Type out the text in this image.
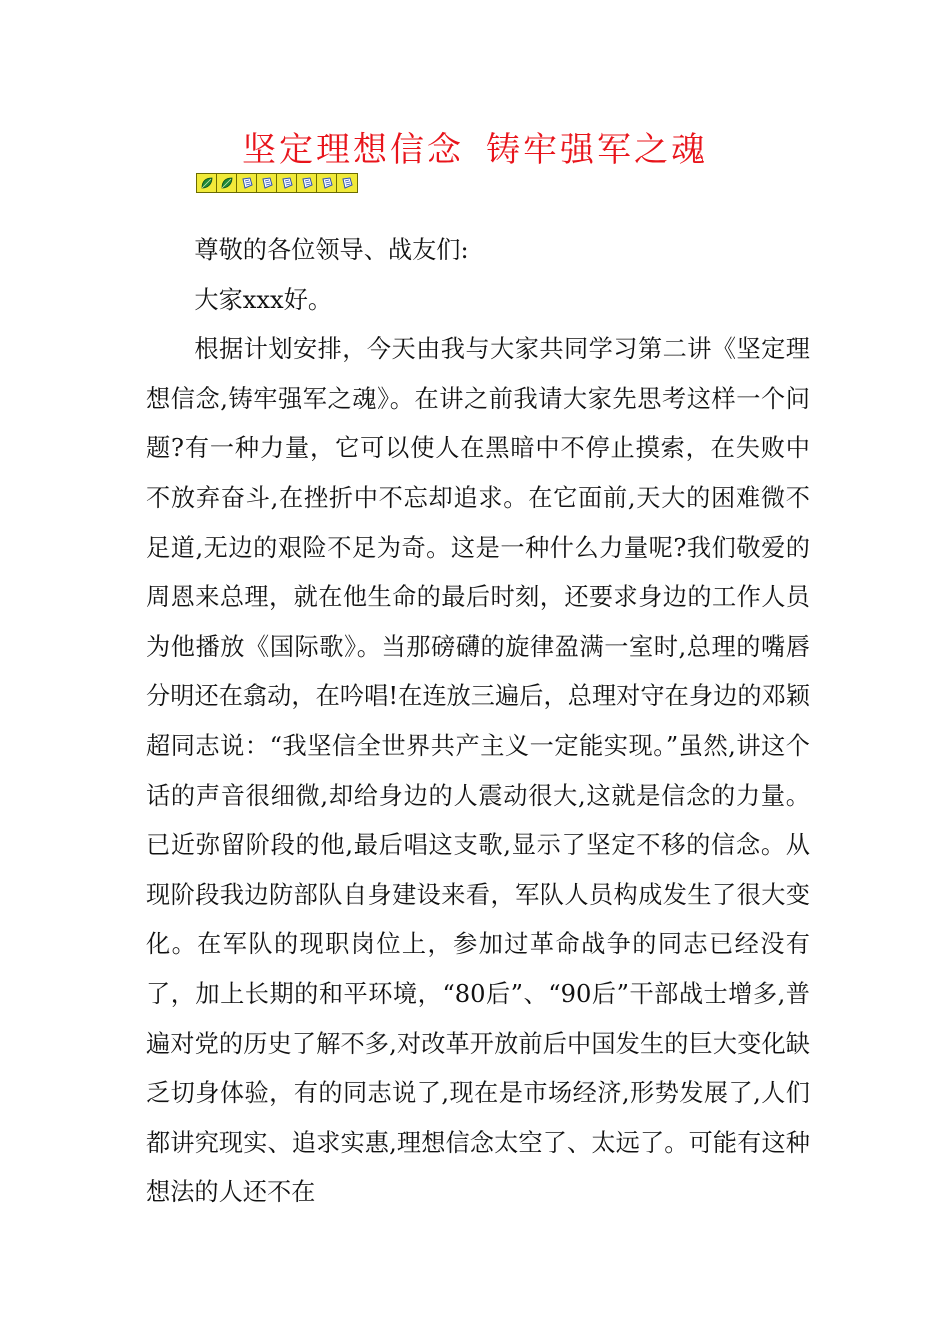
坚定理想信念 铸牢强军之魂

尊敬的各位领导、战友们:

大家xxx好。

根据计划安排，今天由我与大家共同学习第二讲《坚定理想信念,铸牢强军之魂》。在讲之前我请大家先思考这样一个问题?有一种力量，它可以使人在黑暗中不停止摸索，在失败中不放弃奋斗,在挫折中不忘却追求。在它面前,天大的困难微不足道,无边的艰险不足为奇。这是一种什么力量呢?我们敬爱的周恩来总理，就在他生命的最后时刻，还要求身边的工作人员为他播放《国际歌》。当那磅礴的旋律盈满一室时,总理的嘴唇分明还在翕动，在吟唱!在连放三遍后，总理对守在身边的邓颖超同志说：“我坚信全世界共产主义一定能实现。”虽然,讲这个话的声音很细微,却给身边的人震动很大,这就是信念的力量。已近弥留阶段的他,最后唱这支歌,显示了坚定不移的信念。从现阶段我边防部队自身建设来看，军队人员构成发生了很大变化。在军队的现职岗位上，参加过革命战争的同志已经没有了，加上长期的和平环境，“80后”、“90后”干部战士增多,普遍对党的历史了解不多,对改革开放前后中国发生的巨大变化缺乏切身体验，有的同志说了,现在是市场经济,形势发展了,人们都讲究现实、追求实惠,理想信念太空了、太远了。可能有这种想法的人还不在
